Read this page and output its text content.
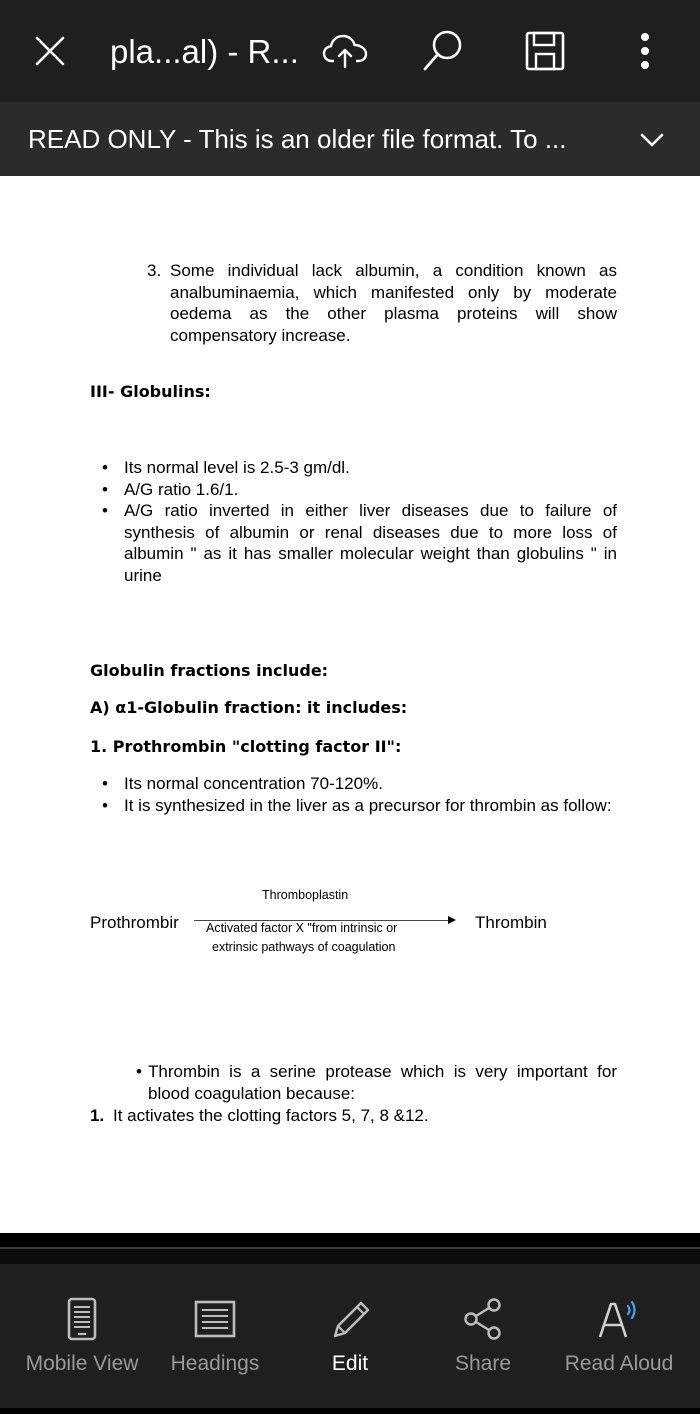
pla...al) - R...
READ ONLY - This is an older file format. To ...
3. Some individual lack albumin, a condition known as analbuminaemia, which manifested only by moderate oedema as the other plasma proteins will show compensatory increase.
III- Globulins:
• Its normal level is 2.5-3 gm/dl.
• A/G ratio 1.6/1.
• A/G ratio inverted in either liver diseases due to failure of synthesis of albumin or renal diseases due to more loss of albumin " as it has smaller molecular weight than globulins " in urine
Globulin fractions include:
A) α1-Globulin fraction: it includes:
1. Prothrombin "clotting factor II":
• Its normal concentration 70-120%.
• It is synthesized in the liver as a precursor for thrombin as follow:
Thromboplastin
Prothrombir	Thrombin
Activated factor X "from intrinsic or
extrinsic pathways of coagulation
• Thrombin is a serine protease which is very important for blood coagulation because:
1. It activates the clotting factors 5, 7, 8 &12.
Mobile View	Headings	Edit	Share	Read Aloud
